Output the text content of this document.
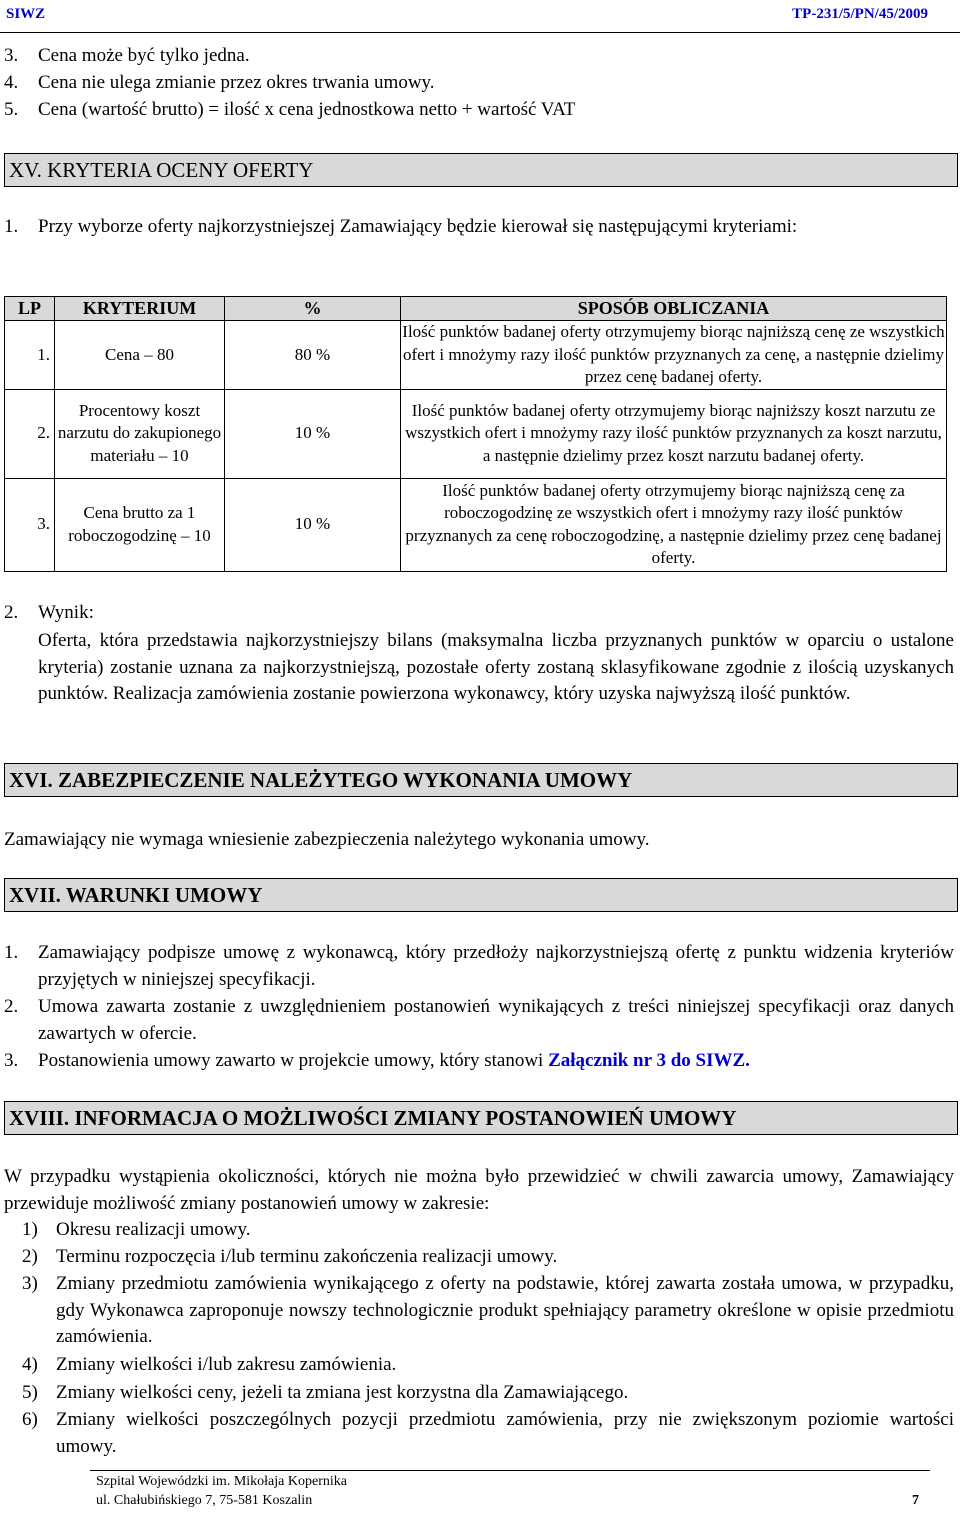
SIWZ	TP-231/5/PN/45/2009
3.	Cena może być tylko jedna.
4.	Cena nie ulega zmianie przez okres trwania umowy.
5.	Cena (wartość brutto) = ilość x cena jednostkowa netto + wartość VAT
XV. KRYTERIA OCENY OFERTY
1.	Przy wyborze oferty najkorzystniejszej Zamawiający będzie kierował się następującymi kryteriami:
LP	KRYTERIUM	%	SPOSÓB OBLICZANIA
1.	Cena – 80	80 %	Ilość punktów badanej oferty otrzymujemy biorąc najniższą cenę ze wszystkich ofert i mnożymy razy ilość punktów przyznanych za cenę, a następnie dzielimy przez cenę badanej oferty.
2.	Procentowy koszt narzutu do zakupionego materiału – 10	10 %	Ilość punktów badanej oferty otrzymujemy biorąc najniższy koszt narzutu ze wszystkich ofert i mnożymy razy ilość punktów przyznanych za koszt narzutu, a następnie dzielimy przez koszt narzutu badanej oferty.
3.	Cena brutto za 1 roboczogodzinę – 10	10 %	Ilość punktów badanej oferty otrzymujemy biorąc najniższą cenę za roboczogodzinę ze wszystkich ofert i mnożymy razy ilość punktów przyznanych za cenę roboczogodzinę, a następnie dzielimy przez cenę badanej oferty.
2.	Wynik:
Oferta, która przedstawia najkorzystniejszy bilans (maksymalna liczba przyznanych punktów w oparciu o ustalone kryteria) zostanie uznana za najkorzystniejszą, pozostałe oferty zostaną sklasyfikowane zgodnie z ilością uzyskanych punktów. Realizacja zamówienia zostanie powierzona wykonawcy, który uzyska najwyższą ilość punktów.
XVI. ZABEZPIECZENIE NALEŻYTEGO WYKONANIA UMOWY
Zamawiający nie wymaga wniesienie zabezpieczenia należytego wykonania umowy.
XVII. WARUNKI UMOWY
1.	Zamawiający podpisze umowę z wykonawcą, który przedłoży najkorzystniejszą ofertę z punktu widzenia kryteriów przyjętych w niniejszej specyfikacji.
2.	Umowa zawarta zostanie z uwzględnieniem postanowień wynikających z treści niniejszej specyfikacji oraz danych zawartych w ofercie.
3.	Postanowienia umowy zawarto w projekcie umowy, który stanowi Załącznik nr 3 do SIWZ.
XVIII. INFORMACJA O MOŻLIWOŚCI ZMIANY POSTANOWIEŃ UMOWY
W przypadku wystąpienia okoliczności, których nie można było przewidzieć w chwili zawarcia umowy, Zamawiający przewiduje możliwość zmiany postanowień umowy w zakresie:
1) Okresu realizacji umowy.
2) Terminu rozpoczęcia i/lub terminu zakończenia realizacji umowy.
3) Zmiany przedmiotu zamówienia wynikającego z oferty na podstawie, której zawarta została umowa, w przypadku, gdy Wykonawca zaproponuje nowszy technologicznie produkt spełniający parametry określone w opisie przedmiotu zamówienia.
4) Zmiany wielkości i/lub zakresu zamówienia.
5) Zmiany wielkości ceny, jeżeli ta zmiana jest korzystna dla Zamawiającego.
6) Zmiany wielkości poszczególnych pozycji przedmiotu zamówienia, przy nie zwiększonym poziomie wartości umowy.
Szpital Wojewódzki im. Mikołaja Kopernika
ul. Chałubińskiego 7, 75-581 Koszalin	7
